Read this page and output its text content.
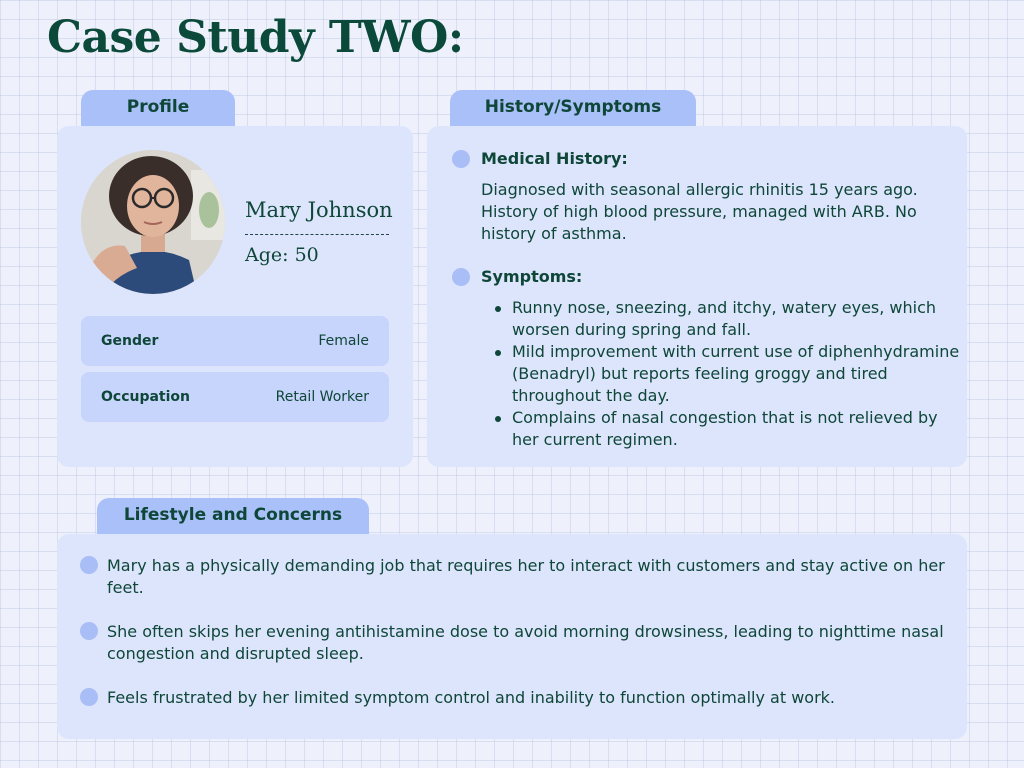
Case Study TWO:
Profile
Mary Johnson
Age: 50
Gender	Female
Occupation	Retail Worker
History/Symptoms
Medical History:
Diagnosed with seasonal allergic rhinitis 15 years ago. History of high blood pressure, managed with ARB. No history of asthma.
Symptoms:
Runny nose, sneezing, and itchy, watery eyes, which worsen during spring and fall.
Mild improvement with current use of diphenhydramine (Benadryl) but reports feeling groggy and tired throughout the day.
Complains of nasal congestion that is not relieved by her current regimen.
Lifestyle and Concerns
Mary has a physically demanding job that requires her to interact with customers and stay active on her feet.
She often skips her evening antihistamine dose to avoid morning drowsiness, leading to nighttime nasal congestion and disrupted sleep.
Feels frustrated by her limited symptom control and inability to function optimally at work.
